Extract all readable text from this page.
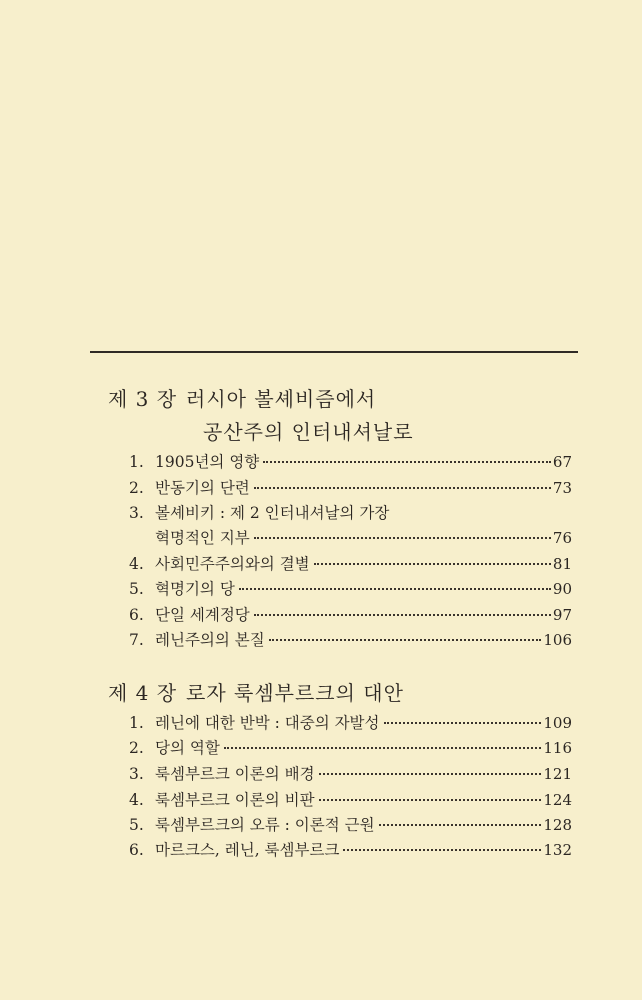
제 3 장 러시아 볼셰비즘에서
공산주의 인터내셔날로
1. 1905년의 영향	67
2. 반동기의 단련	73
3. 볼셰비키 : 제 2 인터내셔날의 가장
혁명적인 지부	76
4. 사회민주주의와의 결별	81
5. 혁명기의 당	90
6. 단일 세계정당	97
7. 레닌주의의 본질	106
제 4 장 로자 룩셈부르크의 대안
1. 레닌에 대한 반박 : 대중의 자발성	109
2. 당의 역할	116
3. 룩셈부르크 이론의 배경	121
4. 룩셈부르크 이론의 비판	124
5. 룩셈부르크의 오류 : 이론적 근원	128
6. 마르크스, 레닌, 룩셈부르크	132
